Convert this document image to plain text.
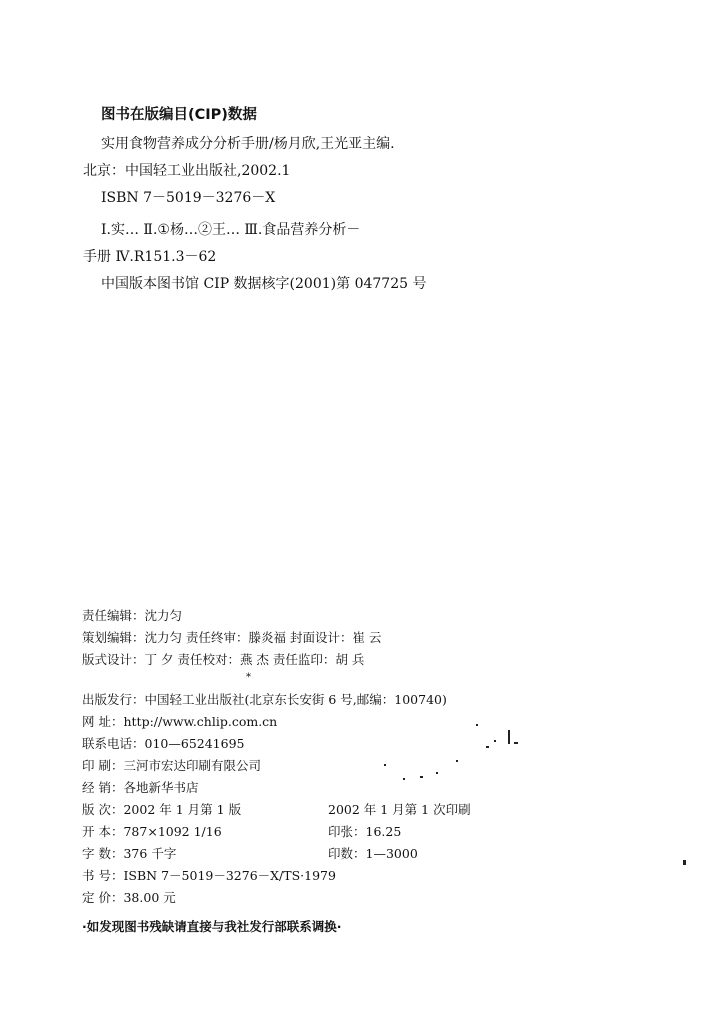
图书在版编目(CIP)数据
实用食物营养成分分析手册/杨月欣,王光亚主编.
北京：中国轻工业出版社,2002.1
ISBN 7－5019－3276－X
Ⅰ.实… Ⅱ.①杨…②王… Ⅲ.食品营养分析－
手册 Ⅳ.R151.3－62
中国版本图书馆 CIP 数据核字(2001)第 047725 号
责任编辑：沈力匀
策划编辑：沈力匀 责任终审：滕炎福 封面设计：崔 云
版式设计：丁 夕 责任校对：燕 杰 责任监印：胡 兵
*
出版发行：中国轻工业出版社(北京东长安街 6 号,邮编：100740)
网 址：http://www.chlip.com.cn
联系电话：010—65241695
印 刷：三河市宏达印刷有限公司
经 销：各地新华书店
版 次：2002 年 1 月第 1 版	2002 年 1 月第 1 次印刷
开 本：787×1092 1/16	印张：16.25
字 数：376 千字	印数：1—3000
书 号：ISBN 7－5019－3276－X/TS·1979
定 价：38.00 元
·如发现图书残缺请直接与我社发行部联系调换·
